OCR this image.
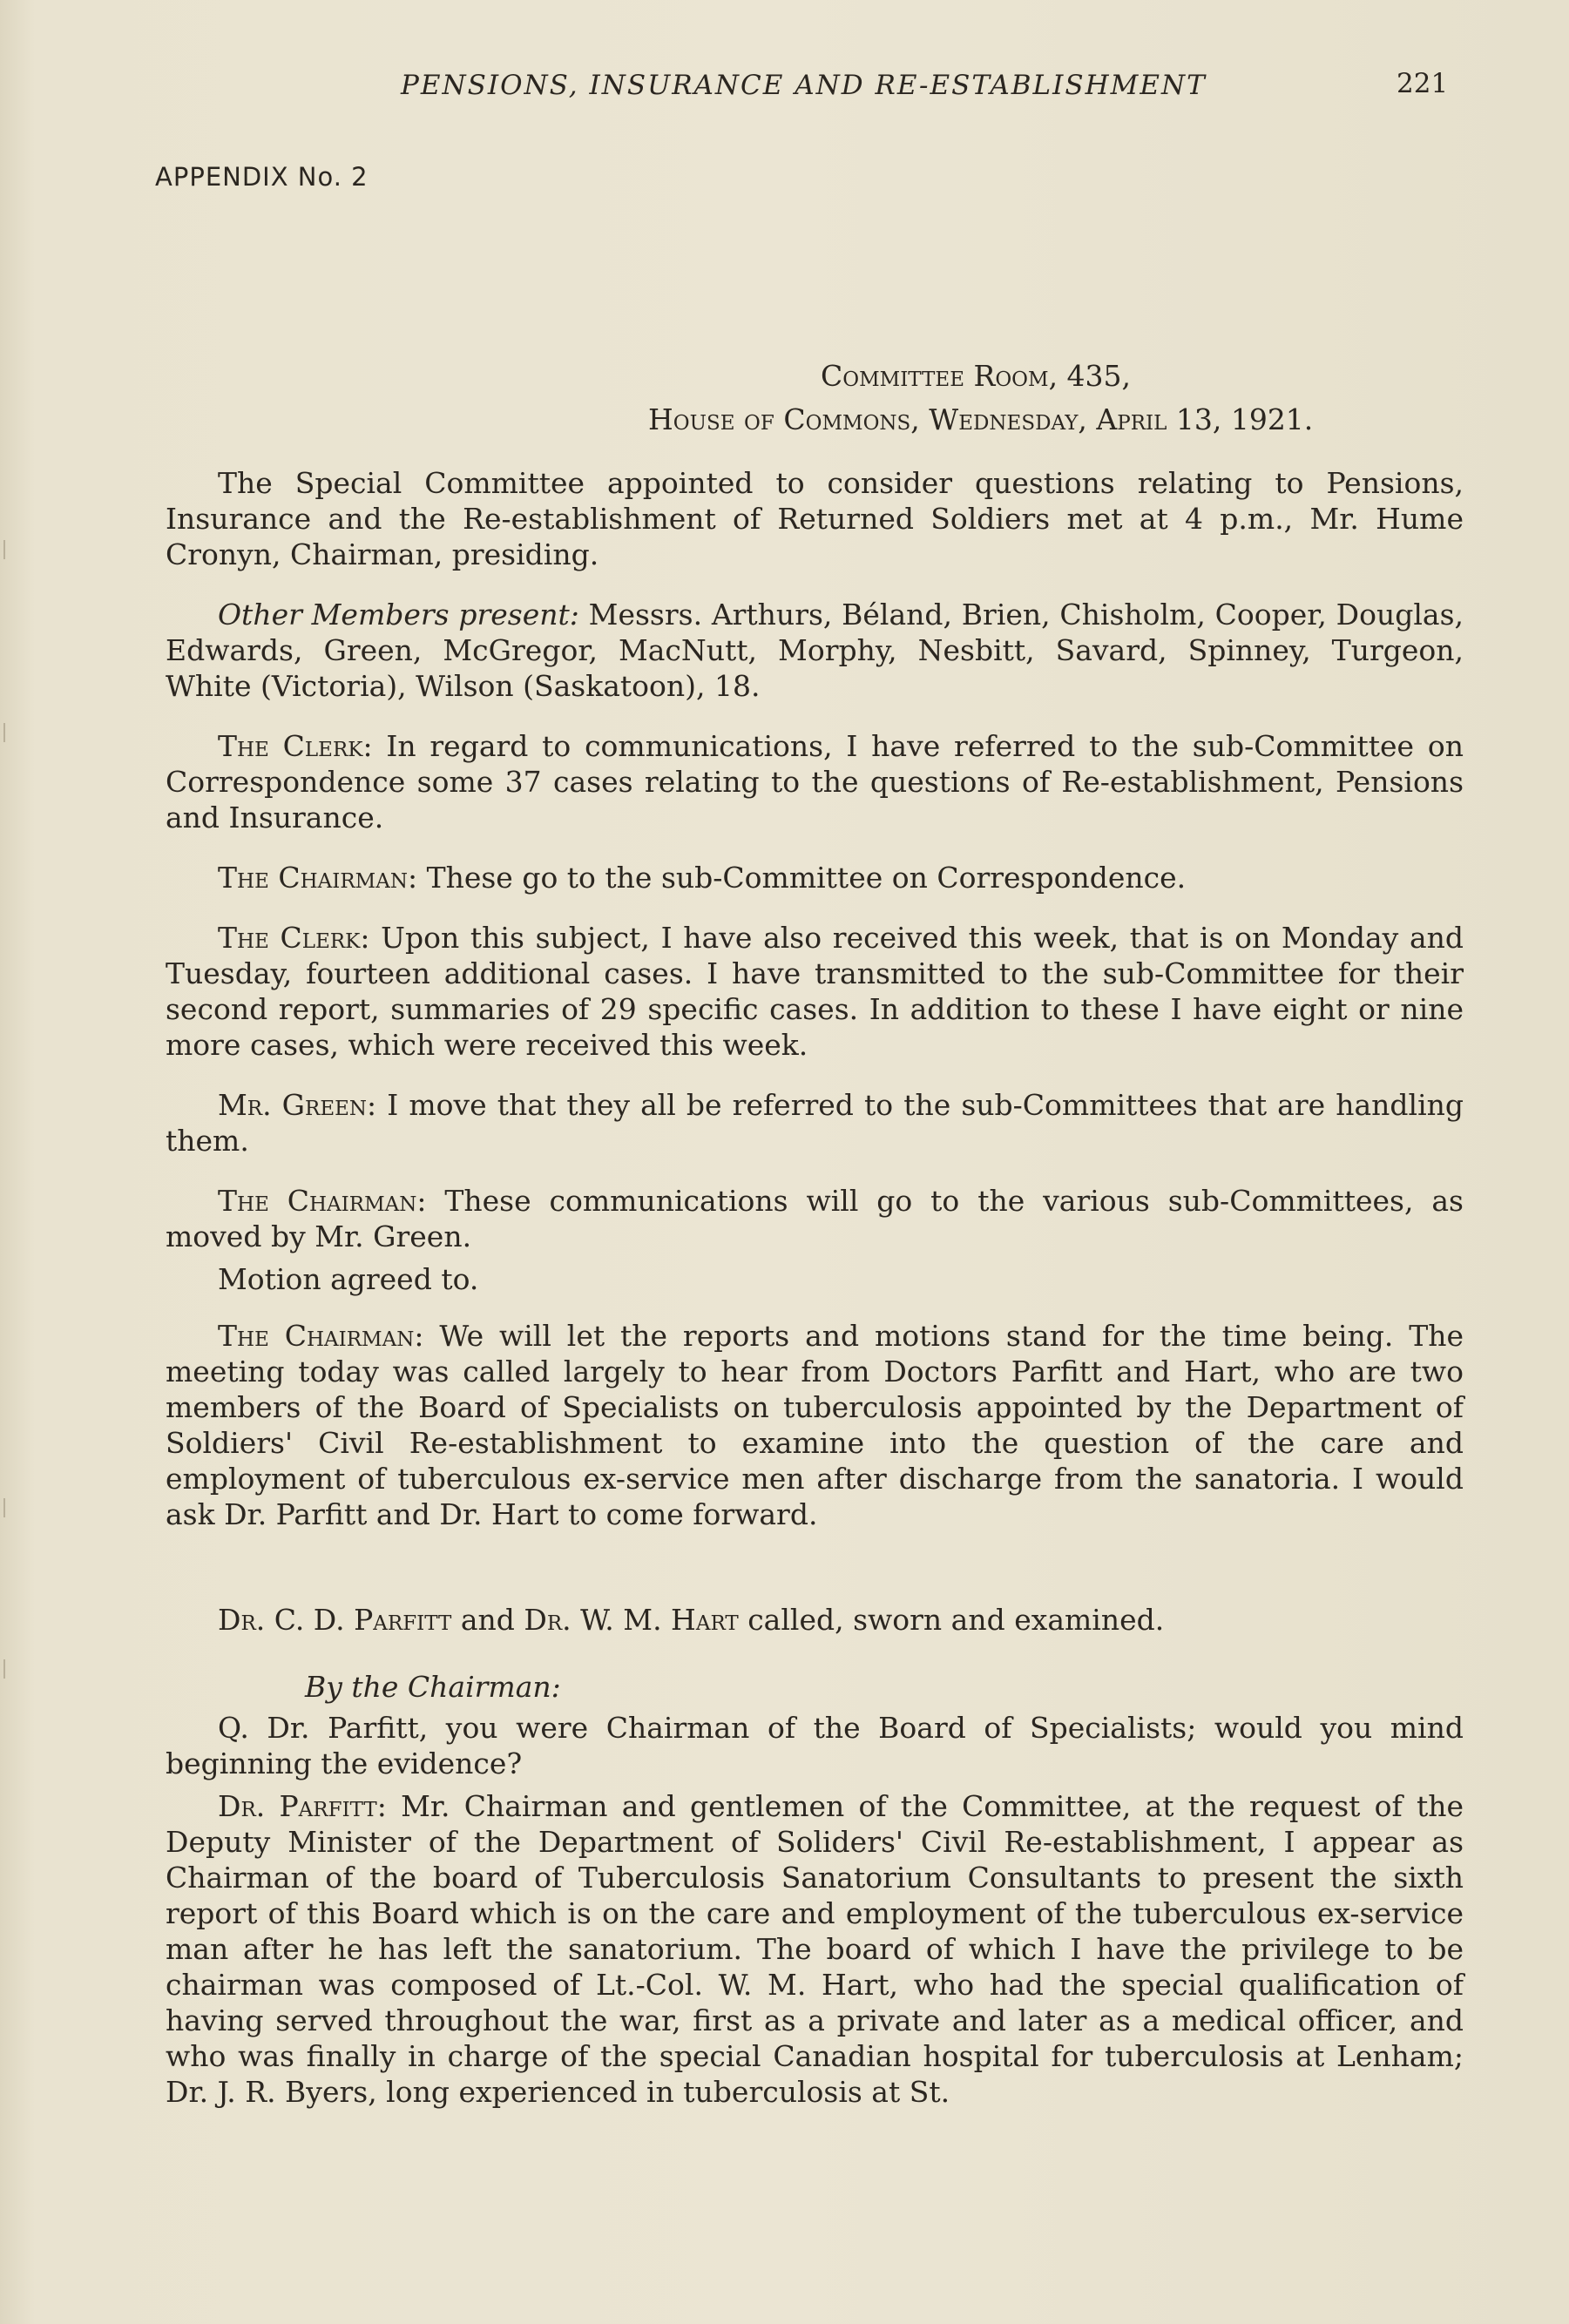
PENSIONS, INSURANCE AND RE-ESTABLISHMENT	221
APPENDIX No. 2
Committee Room, 435,
House of Commons, Wednesday, April 13, 1921.

The Special Committee appointed to consider questions relating to Pensions, Insurance and the Re-establishment of Returned Soldiers met at 4 p.m., Mr. Hume Cronyn, Chairman, presiding.

Other Members present: Messrs. Arthurs, Béland, Brien, Chisholm, Cooper, Douglas, Edwards, Green, McGregor, MacNutt, Morphy, Nesbitt, Savard, Spinney, Turgeon, White (Victoria), Wilson (Saskatoon), 18.

The Clerk: In regard to communications, I have referred to the sub-Committee on Correspondence some 37 cases relating to the questions of Re-establishment, Pensions and Insurance.

The Chairman: These go to the sub-Committee on Correspondence.

The Clerk: Upon this subject, I have also received this week, that is on Monday and Tuesday, fourteen additional cases. I have transmitted to the sub-Committee for their second report, summaries of 29 specific cases. In addition to these I have eight or nine more cases, which were received this week.

Mr. Green: I move that they all be referred to the sub-Committees that are handling them.

The Chairman: These communications will go to the various sub-Committees, as moved by Mr. Green.

Motion agreed to.

The Chairman: We will let the reports and motions stand for the time being. The meeting today was called largely to hear from Doctors Parfitt and Hart, who are two members of the Board of Specialists on tuberculosis appointed by the Department of Soldiers' Civil Re-establishment to examine into the question of the care and employment of tuberculous ex-service men after discharge from the sanatoria. I would ask Dr. Parfitt and Dr. Hart to come forward.

Dr. C. D. Parfitt and Dr. W. M. Hart called, sworn and examined.

By the Chairman:

Q. Dr. Parfitt, you were Chairman of the Board of Specialists; would you mind beginning the evidence?

Dr. Parfitt: Mr. Chairman and gentlemen of the Committee, at the request of the Deputy Minister of the Department of Soliders' Civil Re-establishment, I appear as Chairman of the board of Tuberculosis Sanatorium Consultants to present the sixth report of this Board which is on the care and employment of the tuberculous ex-service man after he has left the sanatorium. The board of which I have the privilege to be chairman was composed of Lt.-Col. W. M. Hart, who had the special qualification of having served throughout the war, first as a private and later as a medical officer, and who was finally in charge of the special Canadian hospital for tuberculosis at Lenham; Dr. J. R. Byers, long experienced in tuberculosis at St.
